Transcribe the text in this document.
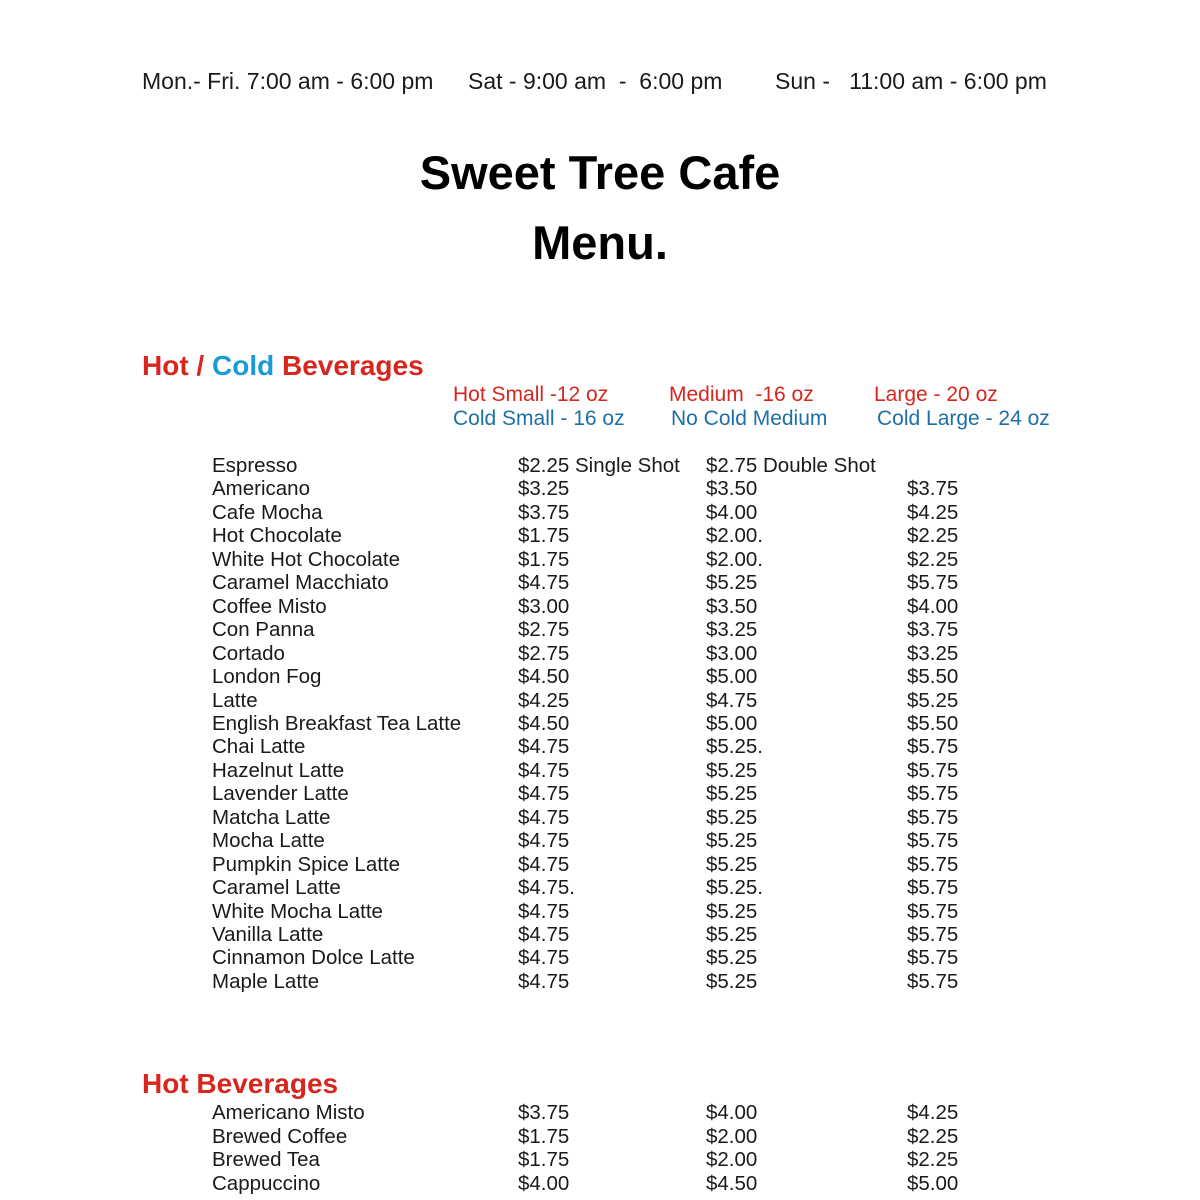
Mon.- Fri. 7:00 am - 6:00 pm Sat - 9:00 am  -  6:00 pm Sun -   11:00 am - 6:00 pm
Sweet Tree Cafe
Menu.
Hot / Cold Beverages
Hot Small -12 oz	Medium  -16 oz	Large - 20 oz
Cold Small - 16 oz No Cold Medium Cold Large - 24 oz
Espresso	$2.25 Single Shot $2.75 Double Shot
Americano	$3.25	$3.50	$3.75
Cafe Mocha	$3.75	$4.00	$4.25
Hot Chocolate	$1.75	$2.00.	$2.25
White Hot Chocolate	$1.75	$2.00.	$2.25
Caramel Macchiato	$4.75	$5.25	$5.75
Coffee Misto	$3.00	$3.50	$4.00
Con Panna	$2.75	$3.25	$3.75
Cortado	$2.75	$3.00	$3.25
London Fog	$4.50	$5.00	$5.50
Latte	$4.25	$4.75	$5.25
English Breakfast Tea Latte	$4.50	$5.00	$5.50
Chai Latte	$4.75	$5.25.	$5.75
Hazelnut Latte	$4.75	$5.25	$5.75
Lavender Latte	$4.75	$5.25	$5.75
Matcha Latte	$4.75	$5.25	$5.75
Mocha Latte	$4.75	$5.25	$5.75
Pumpkin Spice Latte	$4.75	$5.25	$5.75
Caramel Latte	$4.75.	$5.25.	$5.75
White Mocha Latte	$4.75	$5.25	$5.75
Vanilla Latte	$4.75	$5.25	$5.75
Cinnamon Dolce Latte	$4.75	$5.25	$5.75
Maple Latte	$4.75	$5.25	$5.75
Hot Beverages
Americano Misto	$3.75	$4.00	$4.25
Brewed Coffee	$1.75	$2.00	$2.25
Brewed Tea	$1.75	$2.00	$2.25
Cappuccino	$4.00	$4.50	$5.00
